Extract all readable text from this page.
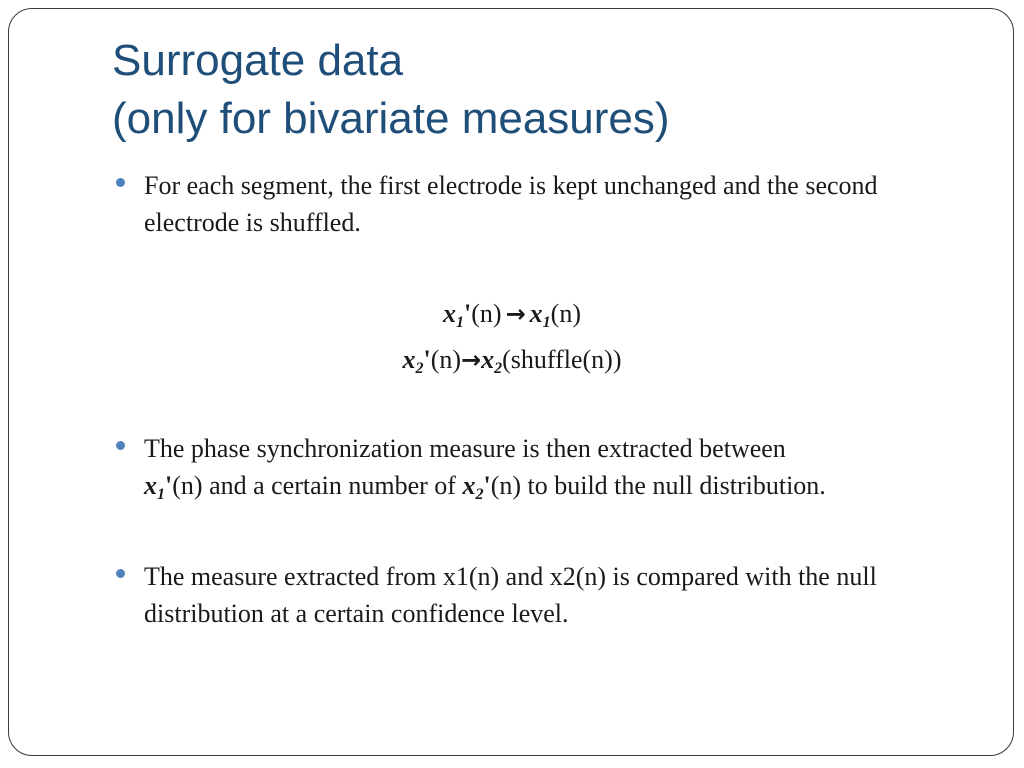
Surrogate data
(only for bivariate measures)
For each segment, the first electrode is kept unchanged and the second electrode is shuffled.
$x_1'(n) \to x_1(n)$
$x_2'(n)\to x_2(shuffle(n))$
The phase synchronization measure is then extracted between
$x_1'(n)$ and a certain number of $x_2'(n)$ to build the null distribution.
The measure extracted from x1(n) and x2(n) is compared with the null distribution at a certain confidence level.
